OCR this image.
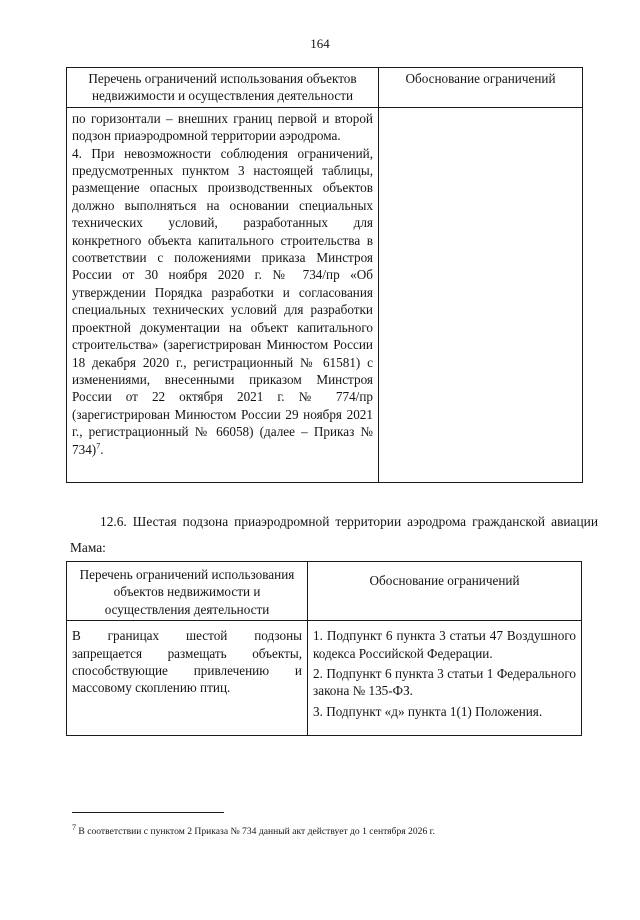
164
Перечень ограничений использования объектов недвижимости и осуществления деятельности	Обоснование ограничений

по горизонтали – внешних границ первой и второй подзон приаэродромной территории аэродрома.

4. При невозможности соблюдения ограничений, предусмотренных пунктом 3 настоящей таблицы, размещение опасных производственных объектов должно выполняться на основании специальных технических условий, разработанных для конкретного объекта капитального строительства в соответствии с положениями приказа Минстроя России от 30 ноября 2020 г. № 734/пр «Об утверждении Порядка разработки и согласования специальных технических условий для разработки проектной документации на объект капитального строительства» (зарегистрирован Минюстом России 18 декабря 2020 г., регистрационный № 61581) с изменениями, внесенными приказом Минстроя России от 22 октября 2021 г. № 774/пр (зарегистрирован Минюстом России 29 ноября 2021 г., регистрационный № 66058) (далее – Приказ № 734)$^7$.	

12.6. Шестая подзона приаэродромной территории аэродрома гражданской авиации Мама:
Перечень ограничений использования объектов недвижимости и осуществления деятельности	Обоснование ограничений
В границах шестой подзоны запрещается размещать объекты, способствующие привлечению и массовому скоплению птиц.	1. Подпункт 6 пункта 3 статьи 47 Воздушного кодекса Российской Федерации.

2. Подпункт 6 пункта 3 статьи 1 Федерального закона № 135-ФЗ.

3. Подпункт «д» пункта 1(1) Положения.

$^7$ В соответствии с пунктом 2 Приказа № 734 данный акт действует до 1 сентября 2026 г.
